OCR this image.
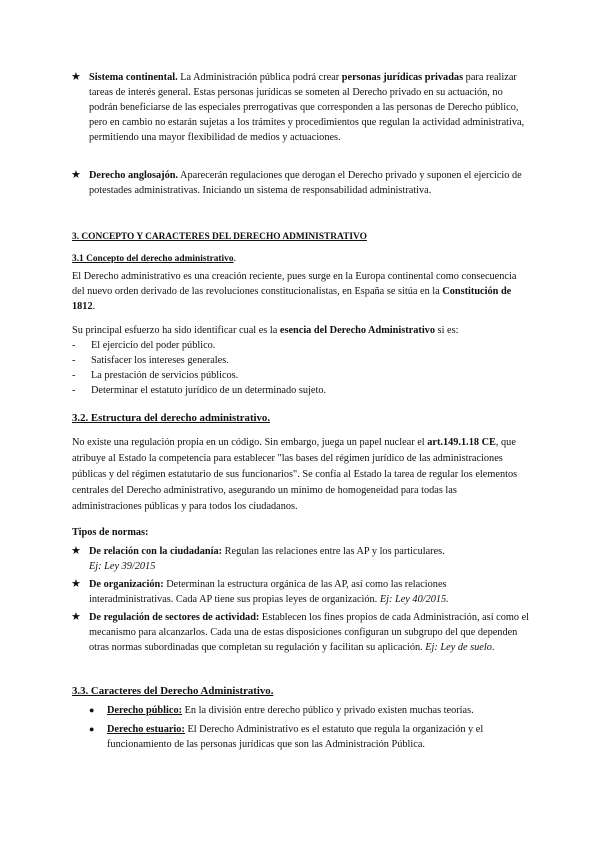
★ Sistema continental. La Administración pública podrá crear personas jurídicas privadas para realizar tareas de interés general. Estas personas jurídicas se someten al Derecho privado en su actuación, no podrán beneficiarse de las especiales prerrogativas que corresponden a las personas de Derecho público, pero en cambio no estarán sujetas a los trámites y procedimientos que regulan la actividad administrativa, permitiendo una mayor flexibilidad de medios y actuaciones.

★ Derecho anglosajón. Aparecerán regulaciones que derogan el Derecho privado y suponen el ejercicio de potestades administrativas. Iniciando un sistema de responsabilidad administrativa.

3. CONCEPTO Y CARACTERES DEL DERECHO ADMINISTRATIVO

3.1 Concepto del derecho administrativo.

El Derecho administrativo es una creación reciente, pues surge en la Europa continental como consecuencia del nuevo orden derivado de las revoluciones constitucionalistas, en España se sitúa en la Constitución de 1812.

Su principal esfuerzo ha sido identificar cual es la esencia del Derecho Administrativo si es:

- El ejercicio del poder público.
- Satisfacer los intereses generales.
- La prestación de servicios públicos.
- Determinar el estatuto jurídico de un determinado sujeto.

3.2. Estructura del derecho administrativo.

No existe una regulación propia en un código. Sin embargo, juega un papel nuclear el art.149.1.18 CE, que atribuye al Estado la competencia para establecer "las bases del régimen jurídico de las administraciones públicas y del régimen estatutario de sus funcionarios". Se confía al Estado la tarea de regular los elementos centrales del Derecho administrativo, asegurando un mínimo de homogeneidad para todas las administraciones públicas y para todos los ciudadanos.

Tipos de normas:

★ De relación con la ciudadanía: Regulan las relaciones entre las AP y los particulares.
Ej: Ley 39/2015

★ De organización: Determinan la estructura orgánica de las AP, así como las relaciones interadministrativas. Cada AP tiene sus propias leyes de organización. Ej: Ley 40/2015.

★ De regulación de sectores de actividad: Establecen los fines propios de cada Administración, así como el mecanismo para alcanzarlos. Cada una de estas disposiciones configuran un subgrupo del que dependen otras normas subordinadas que completan su regulación y facilitan su aplicación. Ej: Ley de suelo.

3.3. Caracteres del Derecho Administrativo.

● Derecho público: En la división entre derecho público y privado existen muchas teorías.

● Derecho estuario: El Derecho Administrativo es el estatuto que regula la organización y el funcionamiento de las personas jurídicas que son las Administración Pública.
